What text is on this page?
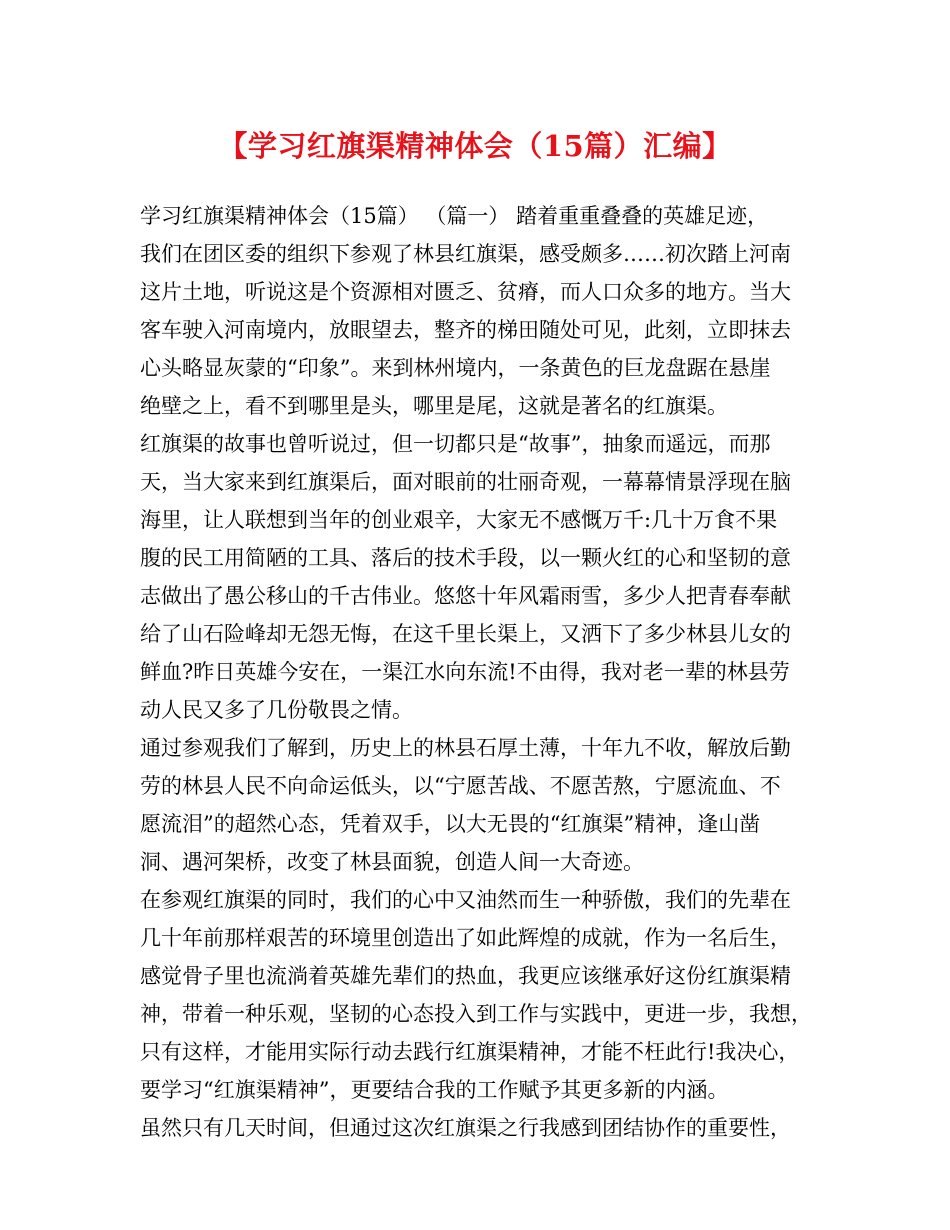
【学习红旗渠精神体会（15篇）汇编】
学习红旗渠精神体会（15篇） （篇一） 踏着重重叠叠的英雄足迹，
我们在团区委的组织下参观了林县红旗渠，感受颇多……初次踏上河南
这片土地，听说这是个资源相对匮乏、贫瘠，而人口众多的地方。当大
客车驶入河南境内，放眼望去，整齐的梯田随处可见，此刻，立即抹去
心头略显灰蒙的“印象”。来到林州境内，一条黄色的巨龙盘踞在悬崖
绝壁之上，看不到哪里是头，哪里是尾，这就是著名的红旗渠。
红旗渠的故事也曾听说过，但一切都只是“故事”，抽象而遥远，而那
天，当大家来到红旗渠后，面对眼前的壮丽奇观，一幕幕情景浮现在脑
海里，让人联想到当年的创业艰辛，大家无不感慨万千:几十万食不果
腹的民工用简陋的工具、落后的技术手段，以一颗火红的心和坚韧的意
志做出了愚公移山的千古伟业。悠悠十年风霜雨雪，多少人把青春奉献
给了山石险峰却无怨无悔，在这千里长渠上，又洒下了多少林县儿女的
鲜血?昨日英雄今安在，一渠江水向东流!不由得，我对老一辈的林县劳
动人民又多了几份敬畏之情。
通过参观我们了解到，历史上的林县石厚土薄，十年九不收，解放后勤
劳的林县人民不向命运低头，以“宁愿苦战、不愿苦熬，宁愿流血、不
愿流泪”的超然心态，凭着双手，以大无畏的“红旗渠”精神，逢山凿
洞、遇河架桥，改变了林县面貌，创造人间一大奇迹。
在参观红旗渠的同时，我们的心中又油然而生一种骄傲，我们的先辈在
几十年前那样艰苦的环境里创造出了如此辉煌的成就，作为一名后生，
感觉骨子里也流淌着英雄先辈们的热血，我更应该继承好这份红旗渠精
神，带着一种乐观，坚韧的心态投入到工作与实践中，更进一步，我想，
只有这样，才能用实际行动去践行红旗渠精神，才能不枉此行!我决心，
要学习“红旗渠精神”，更要结合我的工作赋予其更多新的内涵。
虽然只有几天时间，但通过这次红旗渠之行我感到团结协作的重要性，
